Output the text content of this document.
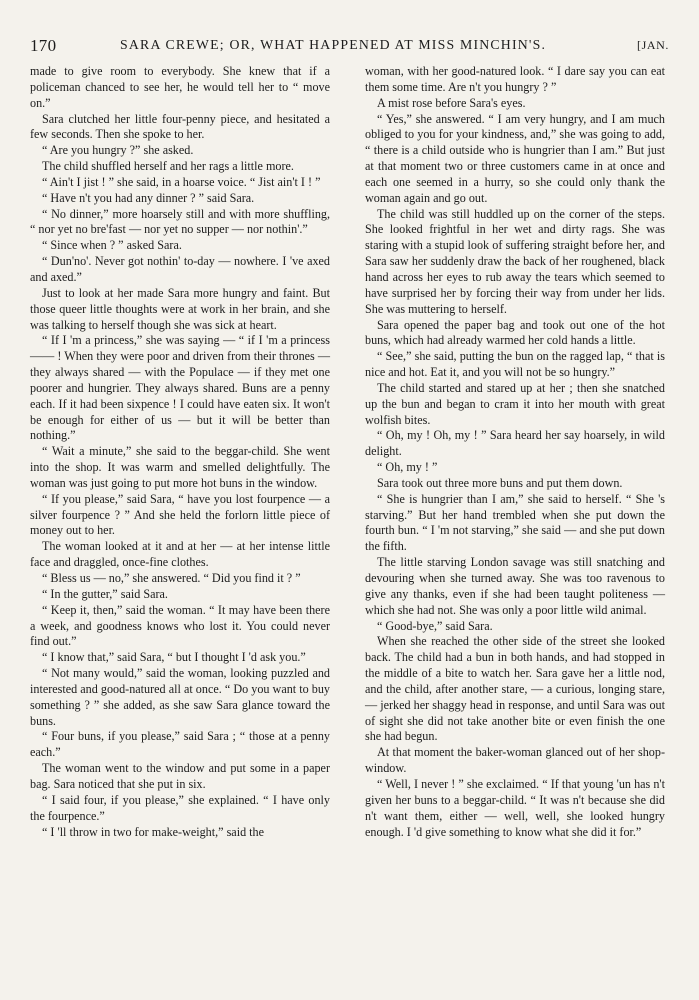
170	SARA CREWE; OR, WHAT HAPPENED AT MISS MINCHIN'S.	[JAN.

made to give room to everybody. She knew that if a policeman chanced to see her, he would tell her to “ move on.”

Sara clutched her little four-penny piece, and hesitated a few seconds. Then she spoke to her.

“ Are you hungry ?” she asked.

The child shuffled herself and her rags a little more.

“ Ain't I jist ! ” she said, in a hoarse voice. “ Jist ain't I ! ”

“ Have n't you had any dinner ? ” said Sara.

“ No dinner,” more hoarsely still and with more shuffling, “ nor yet no bre'fast — nor yet no supper — nor nothin'.”

“ Since when ? ” asked Sara.

“ Dun'no'. Never got nothin' to-day — nowhere. I 've axed and axed.”

Just to look at her made Sara more hungry and faint. But those queer little thoughts were at work in her brain, and she was talking to herself though she was sick at heart.

“ If I 'm a princess,” she was saying — “ if I 'm a princess —— ! When they were poor and driven from their thrones — they always shared — with the Populace — if they met one poorer and hungrier. They always shared. Buns are a penny each. If it had been sixpence ! I could have eaten six. It won't be enough for either of us — but it will be better than nothing.”

“ Wait a minute,” she said to the beggar-child. She went into the shop. It was warm and smelled delightfully. The woman was just going to put more hot buns in the window.

“ If you please,” said Sara, “ have you lost fourpence — a silver fourpence ? ” And she held the forlorn little piece of money out to her.

The woman looked at it and at her — at her intense little face and draggled, once-fine clothes.

“ Bless us — no,” she answered. “ Did you find it ? ”

“ In the gutter,” said Sara.

“ Keep it, then,” said the woman. “ It may have been there a week, and goodness knows who lost it. You could never find out.”

“ I know that,” said Sara, “ but I thought I 'd ask you.”

“ Not many would,” said the woman, looking puzzled and interested and good-natured all at once. “ Do you want to buy something ? ” she added, as she saw Sara glance toward the buns.

“ Four buns, if you please,” said Sara ; “ those at a penny each.”

The woman went to the window and put some in a paper bag. Sara noticed that she put in six.

“ I said four, if you please,” she explained. “ I have only the fourpence.”

“ I 'll throw in two for make-weight,” said the

woman, with her good-natured look. “ I dare say you can eat them some time. Are n't you hungry ? ”

A mist rose before Sara's eyes.

“ Yes,” she answered. “ I am very hungry, and I am much obliged to you for your kindness, and,” she was going to add, “ there is a child outside who is hungrier than I am.” But just at that moment two or three customers came in at once and each one seemed in a hurry, so she could only thank the woman again and go out.

The child was still huddled up on the corner of the steps. She looked frightful in her wet and dirty rags. She was staring with a stupid look of suffering straight before her, and Sara saw her suddenly draw the back of her roughened, black hand across her eyes to rub away the tears which seemed to have surprised her by forcing their way from under her lids. She was muttering to herself.

Sara opened the paper bag and took out one of the hot buns, which had already warmed her cold hands a little.

“ See,” she said, putting the bun on the ragged lap, “ that is nice and hot. Eat it, and you will not be so hungry.”

The child started and stared up at her ; then she snatched up the bun and began to cram it into her mouth with great wolfish bites.

“ Oh, my ! Oh, my ! ” Sara heard her say hoarsely, in wild delight.

“ Oh, my ! ”

Sara took out three more buns and put them down.

“ She is hungrier than I am,” she said to herself. “ She 's starving.” But her hand trembled when she put down the fourth bun. “ I 'm not starving,” she said — and she put down the fifth.

The little starving London savage was still snatching and devouring when she turned away. She was too ravenous to give any thanks, even if she had been taught politeness — which she had not. She was only a poor little wild animal.

“ Good-bye,” said Sara.

When she reached the other side of the street she looked back. The child had a bun in both hands, and had stopped in the middle of a bite to watch her. Sara gave her a little nod, and the child, after another stare, — a curious, longing stare, — jerked her shaggy head in response, and until Sara was out of sight she did not take another bite or even finish the one she had begun.

At that moment the baker-woman glanced out of her shop-window.

“ Well, I never ! ” she exclaimed. “ If that young 'un has n't given her buns to a beggar-child. “ It was n't because she did n't want them, either — well, well, she looked hungry enough. I 'd give something to know what she did it for.”
